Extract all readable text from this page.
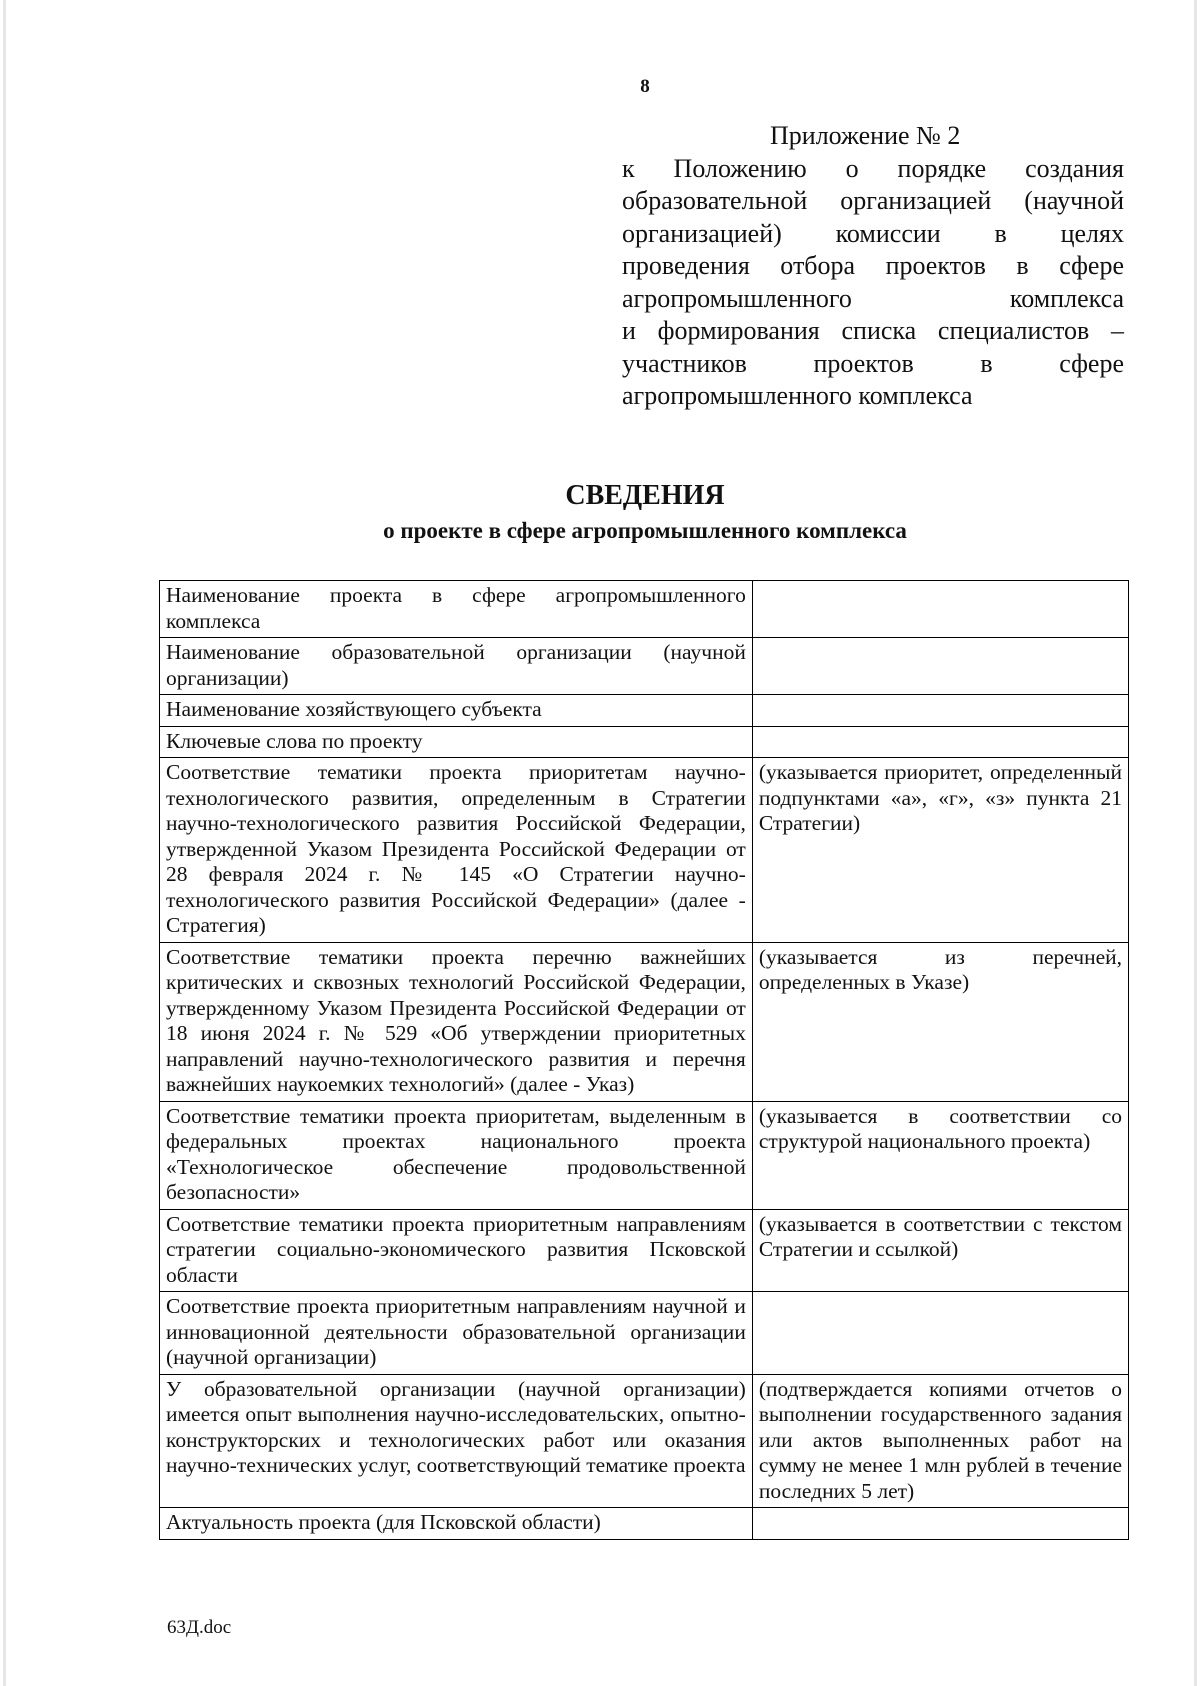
8
Приложение № 2
к Положению о порядке создания
образовательной организацией (научной
организацией) комиссии в целях
проведения отбора проектов в сфере
агропромышленного комплекса
и формирования списка специалистов –
участников проектов в сфере
агропромышленного комплекса
СВЕДЕНИЯ
о проекте в сфере агропромышленного комплекса
Наименование проекта в сфере агропромышленного комплекса	
Наименование образовательной организации (научной организации)	
Наименование хозяйствующего субъекта	
Ключевые слова по проекту	
Соответствие тематики проекта приоритетам научно-технологического развития, определенным в Стратегии научно-технологического развития Российской Федерации, утвержденной Указом Президента Российской Федерации от 28 февраля 2024 г. № 145 «О Стратегии научно-технологического развития Российской Федерации» (далее - Стратегия)	(указывается приоритет, определенный подпунктами «а», «г», «з» пункта 21 Стратегии)
Соответствие тематики проекта перечню важнейших критических и сквозных технологий Российской Федерации, утвержденному Указом Президента Российской Федерации от 18 июня 2024 г. № 529 «Об утверждении приоритетных направлений научно-технологического развития и перечня важнейших наукоемких технологий» (далее - Указ)	(указывается из перечней, определенных в Указе)
Соответствие тематики проекта приоритетам, выделенным в федеральных проектах национального проекта «Технологическое обеспечение продовольственной безопасности»	(указывается в соответствии со структурой национального проекта)
Соответствие тематики проекта приоритетным направлениям стратегии социально-экономического развития Псковской области	(указывается в соответствии с текстом Стратегии и ссылкой)
Соответствие проекта приоритетным направлениям научной и инновационной деятельности образовательной организации (научной организации)	
У образовательной организации (научной организации) имеется опыт выполнения научно-исследовательских, опытно-конструкторских и технологических работ или оказания научно-технических услуг, соответствующий тематике проекта	(подтверждается копиями отчетов о выполнении государственного задания или актов выполненных работ на сумму не менее 1 млн рублей в течение последних 5 лет)
Актуальность проекта (для Псковской области)	
63Д.doc
